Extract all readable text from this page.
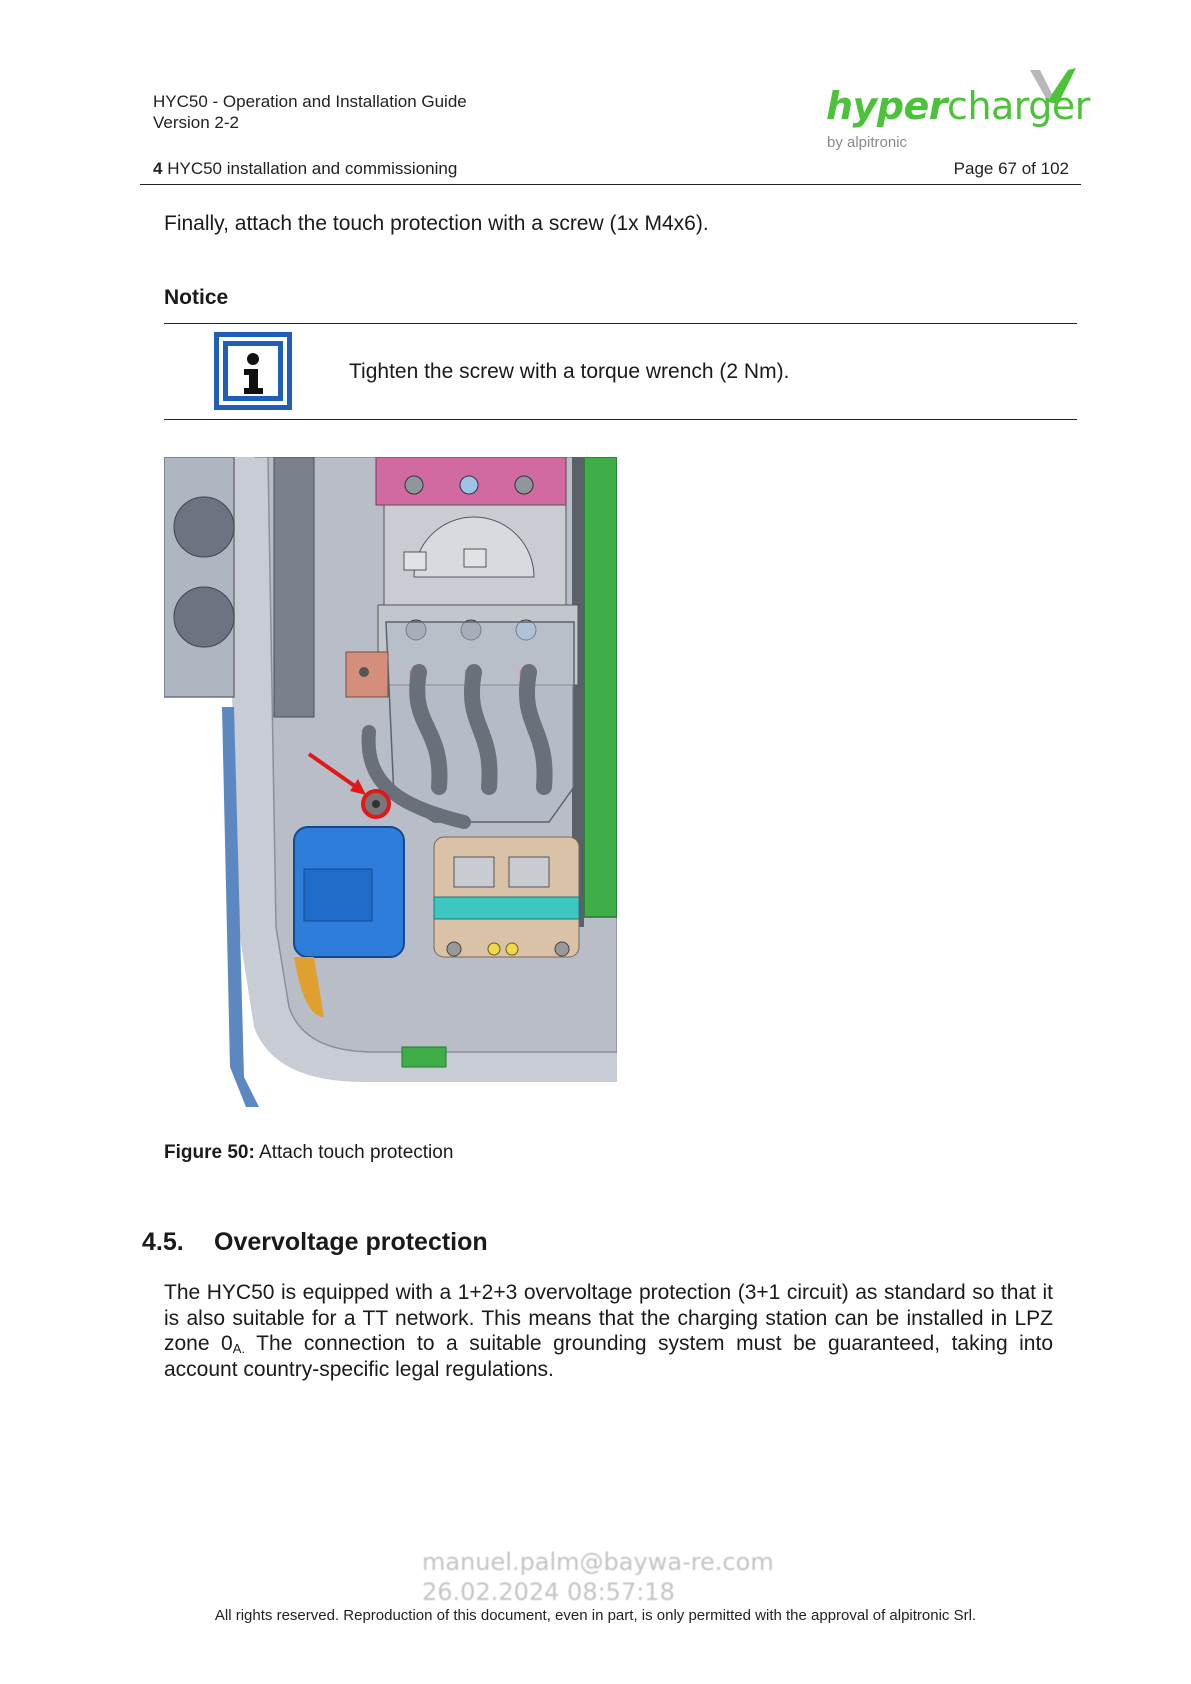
HYC50 - Operation and Installation Guide
Version 2-2
4 HYC50 installation and commissioning	Page 67 of 102
hypercharger
by alpitronic
Finally, attach the touch protection with a screw (1x M4x6).
Notice
Tighten the screw with a torque wrench (2 Nm).
Figure 50: Attach touch protection
4.5. Overvoltage protection
The HYC50 is equipped with a 1+2+3 overvoltage protection (3+1 circuit) as standard so that it is also suitable for a TT network. This means that the charging station can be installed in LPZ zone $0_{A.}$ The connection to a suitable grounding system must be guaranteed, taking into account country-specific legal regulations.
manuel.palm@baywa-re.com
26.02.2024 08:57:18
All rights reserved. Reproduction of this document, even in part, is only permitted with the approval of alpitronic Srl.
